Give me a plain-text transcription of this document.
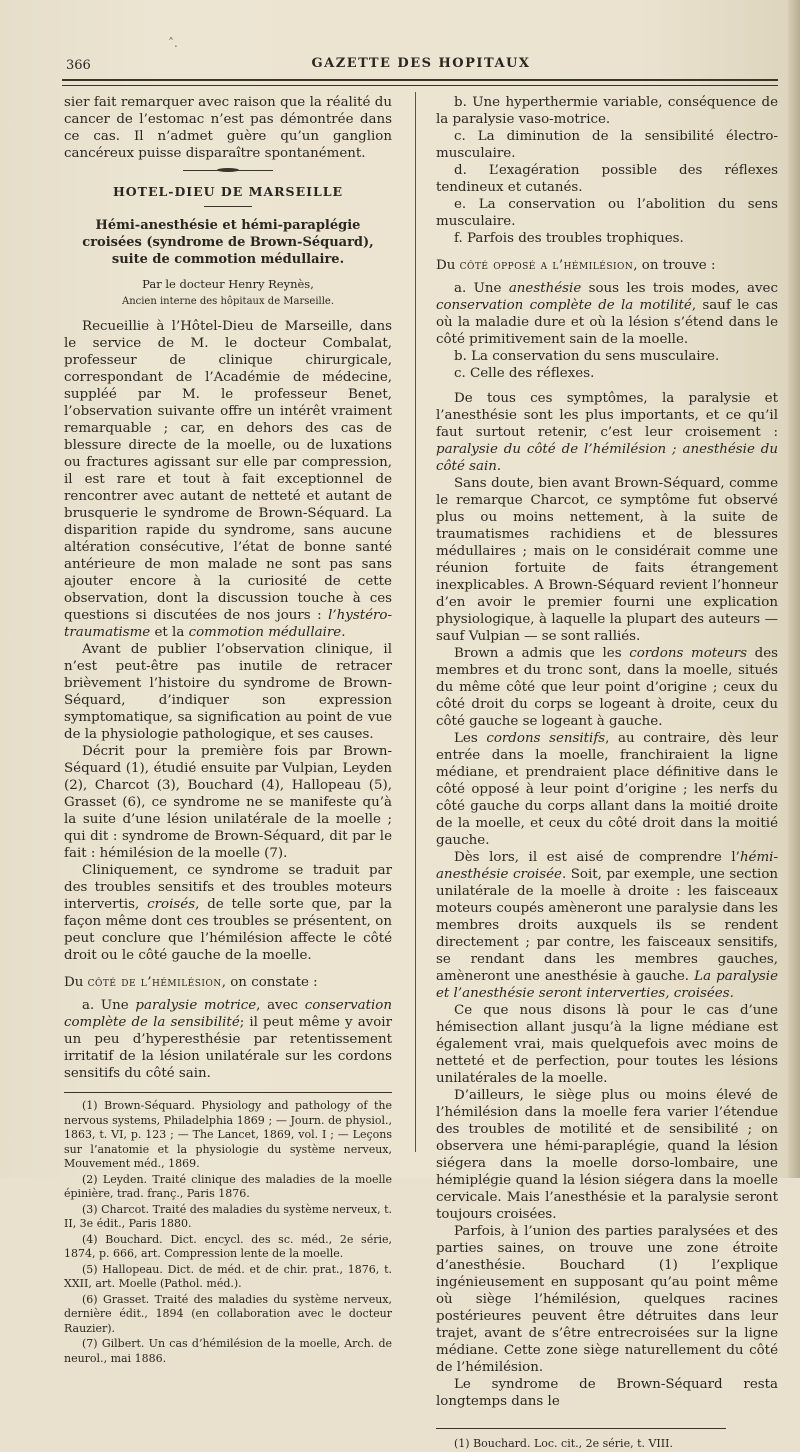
˄.
366	GAZETTE DES HOPITAUX

sier fait remarquer avec raison que la réalité du cancer de l’estomac n’est pas démontrée dans ce cas. Il n’admet guère qu’un ganglion cancéreux puisse disparaître spontanément.

HOTEL-DIEU DE MARSEILLE
Hémi-anesthésie et hémi-paraplégie croisées (syndrome de Brown-Séquard), suite de commotion médullaire.
Par le docteur Henry Reynès,
Ancien interne des hôpitaux de Marseille.

Recueillie à l’Hôtel-Dieu de Marseille, dans le service de M. le docteur Combalat, professeur de clinique chirurgicale, correspondant de l’Académie de médecine, suppléé par M. le professeur Benet, l’observation suivante offre un intérêt vraiment remarquable ; car, en dehors des cas de blessure directe de la moelle, ou de luxations ou fractures agissant sur elle par compression, il est rare et tout à fait exceptionnel de rencontrer avec autant de netteté et autant de brusquerie le syndrome de Brown-Séquard. La disparition rapide du syndrome, sans aucune altération consécutive, l’état de bonne santé antérieure de mon malade ne sont pas sans ajouter encore à la curiosité de cette observation, dont la discussion touche à ces questions si discutées de nos jours : l’hystéro-traumatisme et la commotion médullaire.

Avant de publier l’observation clinique, il n’est peut-être pas inutile de retracer brièvement l’histoire du syndrome de Brown-Séquard, d’indiquer son expression symptomatique, sa signification au point de vue de la physiologie pathologique, et ses causes.

Décrit pour la première fois par Brown-Séquard (1), étudié ensuite par Vulpian, Leyden (2), Charcot (3), Bouchard (4), Hallopeau (5), Grasset (6), ce syndrome ne se manifeste qu’à la suite d’une lésion unilatérale de la moelle ; qui dit : syndrome de Brown-Séquard, dit par le fait : hémilésion de la moelle (7).

Cliniquement, ce syndrome se traduit par des troubles sensitifs et des troubles moteurs intervertis, croisés, de telle sorte que, par la façon même dont ces troubles se présentent, on peut conclure que l’hémilésion affecte le côté droit ou le côté gauche de la moelle.

Du côté de l’hémilésion, on constate :

a. Une paralysie motrice, avec conservation complète de la sensibilité; il peut même y avoir un peu d’hyperesthésie par retentissement irritatif de la lésion unilatérale sur les cordons sensitifs du côté sain.

(1) Brown-Séquard. Physiology and pathology of the nervous systems, Philadelphia 1869 ; — Journ. de physiol., 1863, t. VI, p. 123 ; — The Lancet, 1869, vol. I ; — Leçons sur l’anatomie et la physiologie du système nerveux, Mouvement méd., 1869.

(2) Leyden. Traité clinique des maladies de la moelle épinière, trad. franç., Paris 1876.

(3) Charcot. Traité des maladies du système nerveux, t. II, 3e édit., Paris 1880.

(4) Bouchard. Dict. encycl. des sc. méd., 2e série, 1874, p. 666, art. Compression lente de la moelle.

(5) Hallopeau. Dict. de méd. et de chir. prat., 1876, t. XXII, art. Moelle (Pathol. méd.).

(6) Grasset. Traité des maladies du système nerveux, dernière édit., 1894 (en collaboration avec le docteur Rauzier).

(7) Gilbert. Un cas d’hémilésion de la moelle, Arch. de neurol., mai 1886.

b. Une hyperthermie variable, conséquence de la paralysie vaso-motrice.

c. La diminution de la sensibilité électro-musculaire.

d. L’exagération possible des réflexes tendineux et cutanés.

e. La conservation ou l’abolition du sens musculaire.

f. Parfois des troubles trophiques.

Du côté opposé a l’hémilésion, on trouve :

a. Une anesthésie sous les trois modes, avec conservation complète de la motilité, sauf le cas où la maladie dure et où la lésion s’étend dans le côté primitivement sain de la moelle.

b. La conservation du sens musculaire.

c. Celle des réflexes.

De tous ces symptômes, la paralysie et l’anesthésie sont les plus importants, et ce qu’il faut surtout retenir, c’est leur croisement : paralysie du côté de l’hémilésion ; anesthésie du côté sain.

Sans doute, bien avant Brown-Séquard, comme le remarque Charcot, ce symptôme fut observé plus ou moins nettement, à la suite de traumatismes rachidiens et de blessures médullaires ; mais on le considérait comme une réunion fortuite de faits étrangement inexplicables. A Brown-Séquard revient l’honneur d’en avoir le premier fourni une explication physiologique, à laquelle la plupart des auteurs — sauf Vulpian — se sont ralliés.

Brown a admis que les cordons moteurs des membres et du tronc sont, dans la moelle, situés du même côté que leur point d’origine ; ceux du côté droit du corps se logeant à droite, ceux du côté gauche se logeant à gauche.

Les cordons sensitifs, au contraire, dès leur entrée dans la moelle, franchiraient la ligne médiane, et prendraient place définitive dans le côté opposé à leur point d’origine ; les nerfs du côté gauche du corps allant dans la moitié droite de la moelle, et ceux du côté droit dans la moitié gauche.

Dès lors, il est aisé de comprendre l’hémi-anesthésie croisée. Soit, par exemple, une section unilatérale de la moelle à droite : les faisceaux moteurs coupés amèneront une paralysie dans les membres droits auxquels ils se rendent directement ; par contre, les faisceaux sensitifs, se rendant dans les membres gauches, amèneront une anesthésie à gauche. La paralysie et l’anesthésie seront interverties, croisées.

Ce que nous disons là pour le cas d’une hémisection allant jusqu’à la ligne médiane est également vrai, mais quelquefois avec moins de netteté et de perfection, pour toutes les lésions unilatérales de la moelle.

D’ailleurs, le siège plus ou moins élevé de l’hémilésion dans la moelle fera varier l’étendue des troubles de motilité et de sensibilité ; on observera une hémi-paraplégie, quand la lésion siégera dans la moelle dorso-lombaire, une hémiplégie quand la lésion siégera dans la moelle cervicale. Mais l’anesthésie et la paralysie seront toujours croisées.

Parfois, à l’union des parties paralysées et des parties saines, on trouve une zone étroite d’anesthésie. Bouchard (1) l’explique ingénieusement en supposant qu’au point même où siège l’hémilésion, quelques racines postérieures peuvent être détruites dans leur trajet, avant de s’être entrecroisées sur la ligne médiane. Cette zone siège naturellement du côté de l’hémilésion.

Le syndrome de Brown-Séquard resta longtemps dans le

(1) Bouchard. Loc. cit., 2e série, t. VIII.
